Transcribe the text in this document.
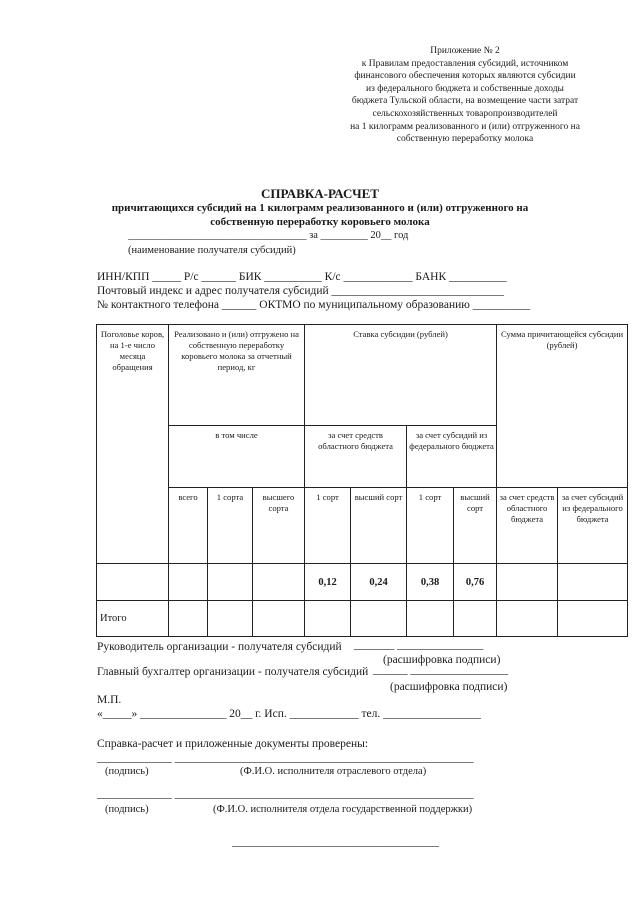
Приложение № 2
к Правилам предоставления субсидий, источником
финансового обеспечения которых являются субсидии
из федерального бюджета и собственные доходы
бюджета Тульской области, на возмещение части затрат
сельскохозяйственных товаропроизводителей
на 1 килограмм реализованного и (или) отгруженного на
собственную переработку молока
СПРАВКА-РАСЧЕТ
причитающихся субсидий на 1 килограмм реализованного и (или) отгруженного на
собственную переработку коровьего молока
__________________________________ за _________ 20__ год
(наименование получателя субсидий)
ИНН/КПП _____ Р/с ______ БИК __________ К/с ____________ БАНК __________
Почтовый индекс и адрес получателя субсидий ______________________________
№ контактного телефона ______ ОКТМО по муниципальному образованию __________
Поголовье коров, на 1-е число месяца обращения	Реализовано и (или) отгружено на собственную переработку коровьего молока за отчетный период, кг			Ставка субсидии (рублей)				Сумма причитающейся субсидии (рублей)	
	в том числе			за счет средств областного бюджета		за счет субсидий из федерального бюджета			
	всего	1 сорта	высшего сорта	1 сорт	высший сорт	1 сорт	высший сорт	за счет средств областного бюджета	за счет субсидий из федерального бюджета
				0,12	0,24	0,38	0,76		
Итого									
Руководитель организации - получателя субсидий _______ _______________
(расшифровка подписи)
Главный бухгалтер организации - получателя субсидий ______ _________________
(расшифровка подписи)
М.П.
«_____» _______________ 20__ г. Исп. ____________ тел. _________________
Справка-расчет и приложенные документы проверены:
_____________ ____________________________________________________
(подпись)	(Ф.И.О. исполнителя отраслевого отдела)
_____________ ____________________________________________________
(подпись)	(Ф.И.О. исполнителя отдела государственной поддержки)
____________________________________
